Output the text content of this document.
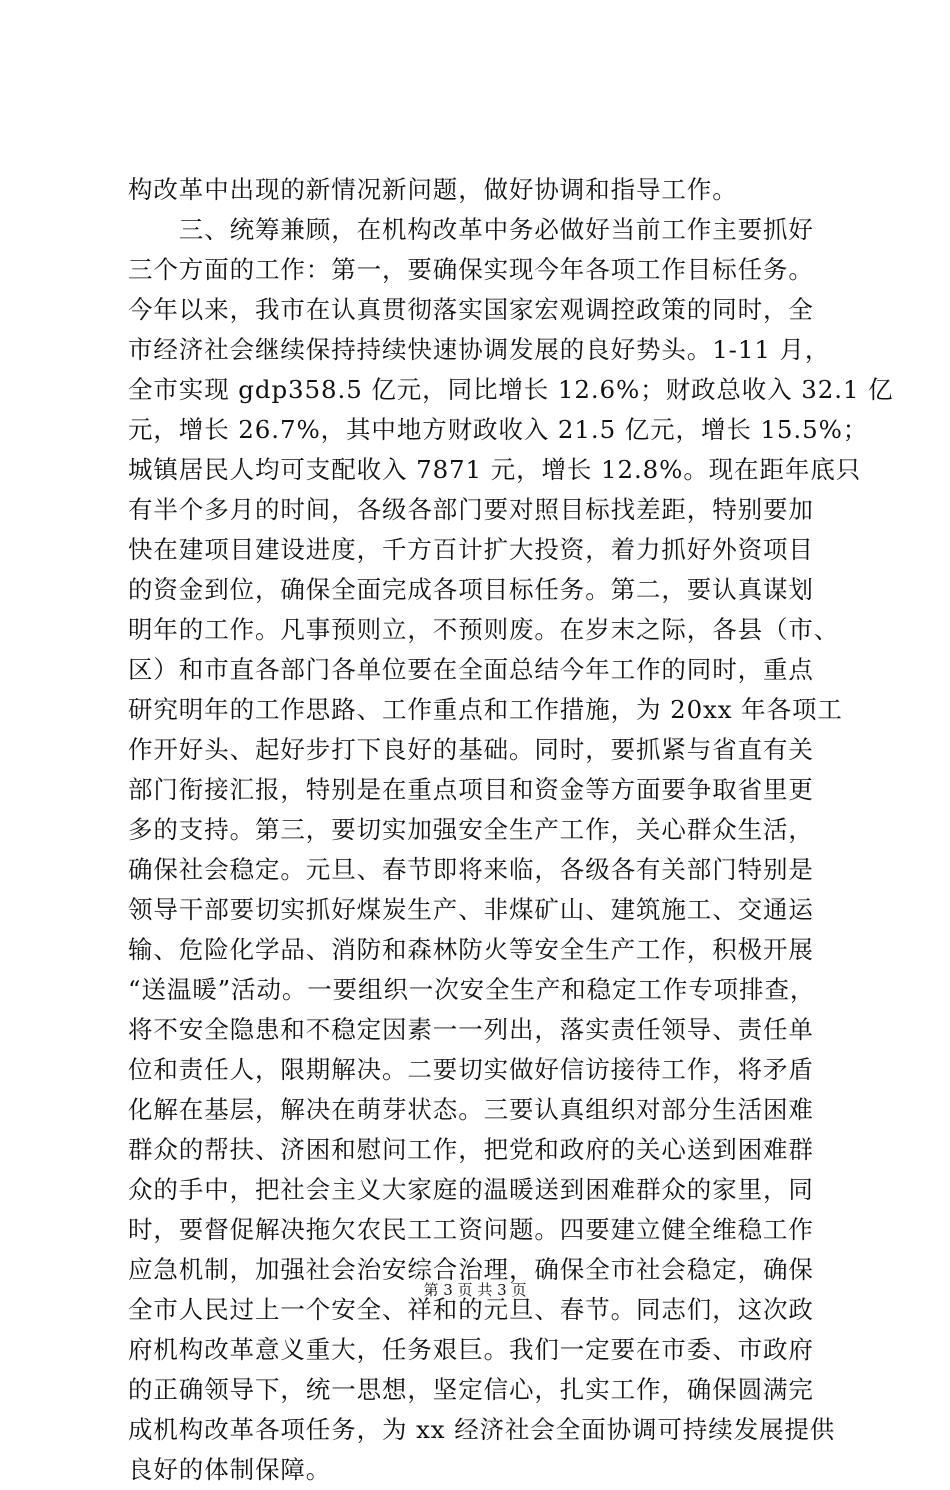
构改革中出现的新情况新问题，做好协调和指导工作。
　　三、统筹兼顾，在机构改革中务必做好当前工作主要抓好
三个方面的工作：第一，要确保实现今年各项工作目标任务。
今年以来，我市在认真贯彻落实国家宏观调控政策的同时，全
市经济社会继续保持持续快速协调发展的良好势头。1-11 月，
全市实现 gdp358.5 亿元，同比增长 12.6%；财政总收入 32.1 亿
元，增长 26.7%，其中地方财政收入 21.5 亿元，增长 15.5%；
城镇居民人均可支配收入 7871 元，增长 12.8%。现在距年底只
有半个多月的时间，各级各部门要对照目标找差距，特别要加
快在建项目建设进度，千方百计扩大投资，着力抓好外资项目
的资金到位，确保全面完成各项目标任务。第二，要认真谋划
明年的工作。凡事预则立，不预则废。在岁末之际，各县（市、
区）和市直各部门各单位要在全面总结今年工作的同时，重点
研究明年的工作思路、工作重点和工作措施，为 20xx 年各项工
作开好头、起好步打下良好的基础。同时，要抓紧与省直有关
部门衔接汇报，特别是在重点项目和资金等方面要争取省里更
多的支持。第三，要切实加强安全生产工作，关心群众生活，
确保社会稳定。元旦、春节即将来临，各级各有关部门特别是
领导干部要切实抓好煤炭生产、非煤矿山、建筑施工、交通运
输、危险化学品、消防和森林防火等安全生产工作，积极开展
“送温暖”活动。一要组织一次安全生产和稳定工作专项排查，
将不安全隐患和不稳定因素一一列出，落实责任领导、责任单
位和责任人，限期解决。二要切实做好信访接待工作，将矛盾
化解在基层，解决在萌芽状态。三要认真组织对部分生活困难
群众的帮扶、济困和慰问工作，把党和政府的关心送到困难群
众的手中，把社会主义大家庭的温暖送到困难群众的家里，同
时，要督促解决拖欠农民工工资问题。四要建立健全维稳工作
应急机制，加强社会治安综合治理，确保全市社会稳定，确保
全市人民过上一个安全、祥和的元旦、春节。同志们，这次政
府机构改革意义重大，任务艰巨。我们一定要在市委、市政府
的正确领导下，统一思想，坚定信心，扎实工作，确保圆满完
成机构改革各项任务，为 xx 经济社会全面协调可持续发展提供
良好的体制保障。
第 3 页 共 3 页
